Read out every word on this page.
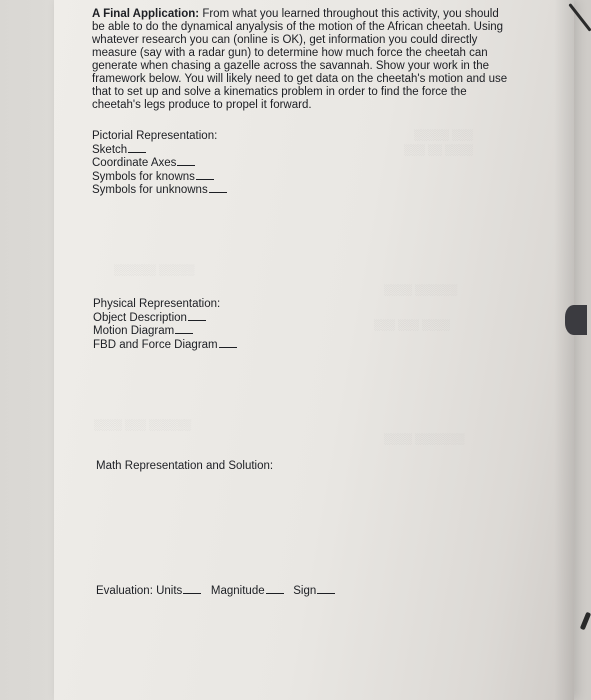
░░░ ░░░░░
░░░░ ░░ ░░░
░░░░░ ░░░░░░
░░░░░░ ░░░░
░░░░ ░░░ ░░░
░░░░░░ ░░░ ░░░░
░░░░░░░ ░░░░

A Final Application: From what you learned throughout this activity, you should be able to do the dynamical anyalysis of the motion of the African cheetah. Using whatever research you can (online is OK), get information you could directly measure (say with a radar gun) to determine how much force the cheetah can generate when chasing a gazelle across the savannah. Show your work in the framework below. You will likely need to get data on the cheetah's motion and use that to set up and solve a kinematics problem in order to find the force the cheetah's legs produce to propel it forward.

Pictorial Representation:
Sketch
Coordinate Axes
Symbols for knowns
Symbols for unknowns
Physical Representation:
Object Description
Motion Diagram
FBD and Force Diagram
Math Representation and Solution:
Evaluation: Units Magnitude Sign
